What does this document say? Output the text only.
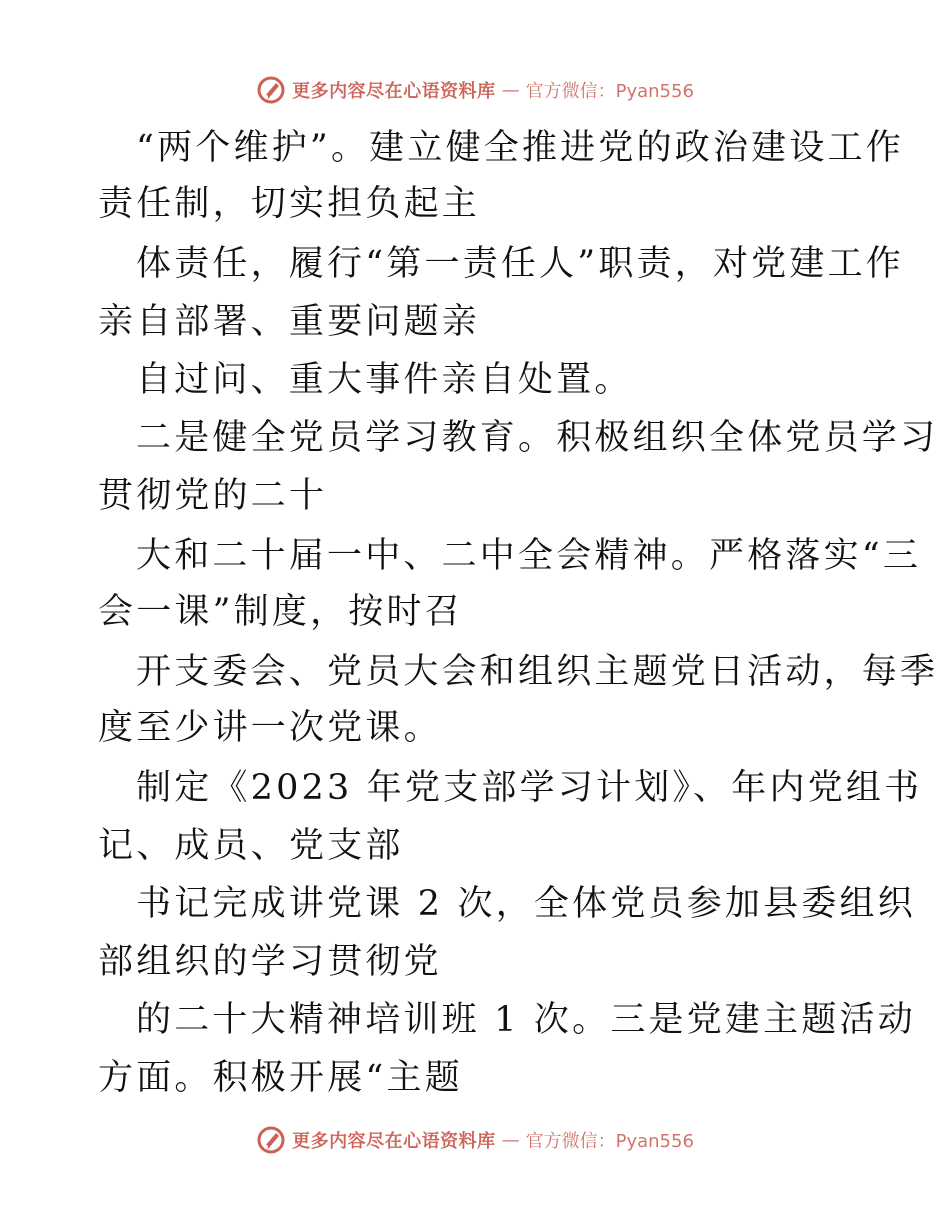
更多内容尽在心语资料库 — 官方微信：Pyan556
“两个维护”。建立健全推进党的政治建设工作
责任制，切实担负起主
体责任，履行“第一责任人”职责，对党建工作
亲自部署、重要问题亲
自过问、重大事件亲自处置。
二是健全党员学习教育。积极组织全体党员学习
贯彻党的二十
大和二十届一中、二中全会精神。严格落实“三
会一课”制度，按时召
开支委会、党员大会和组织主题党日活动，每季
度至少讲一次党课。
制定《2023 年党支部学习计划》、年内党组书
记、成员、党支部
书记完成讲党课 2 次，全体党员参加县委组织
部组织的学习贯彻党
的二十大精神培训班 1 次。三是党建主题活动
方面。积极开展“主题
更多内容尽在心语资料库 — 官方微信：Pyan556
